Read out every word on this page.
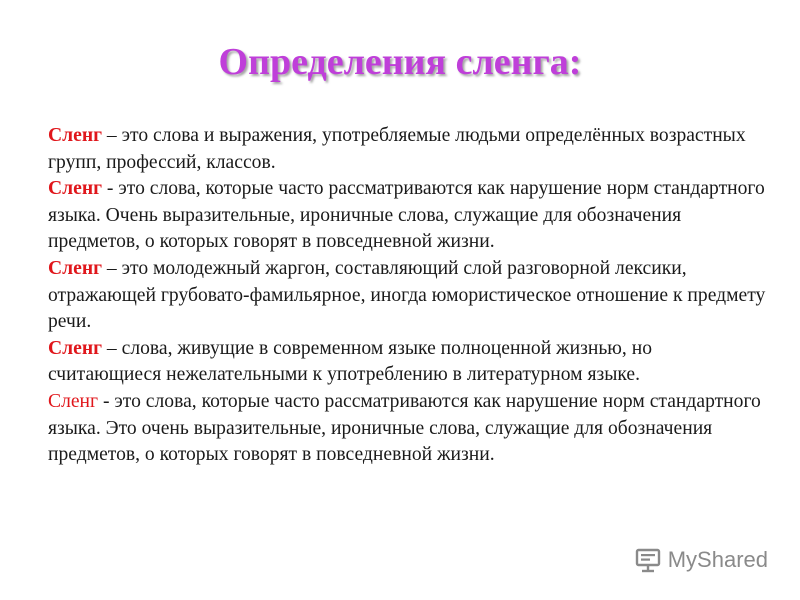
Определения сленга:
Сленг – это слова и выражения, употребляемые людьми определённых возрастных групп, профессий, классов.
Сленг - это слова, которые часто рассматриваются как нарушение норм стандартного языка. Очень выразительные, ироничные слова, служащие для обозначения предметов, о которых говорят в повседневной жизни.
Сленг – это молодежный жаргон, составляющий слой разговорной лексики, отражающей грубовато-фамильярное, иногда юмористическое отношение к предмету речи.
Сленг – слова, живущие в современном языке полноценной жизнью, но считающиеся нежелательными к употреблению в литературном языке.
Сленг - это слова, которые часто рассматриваются как нарушение норм стандартного языка. Это очень выразительные, ироничные слова, служащие для обозначения предметов, о которых говорят в повседневной жизни.
MyShared
